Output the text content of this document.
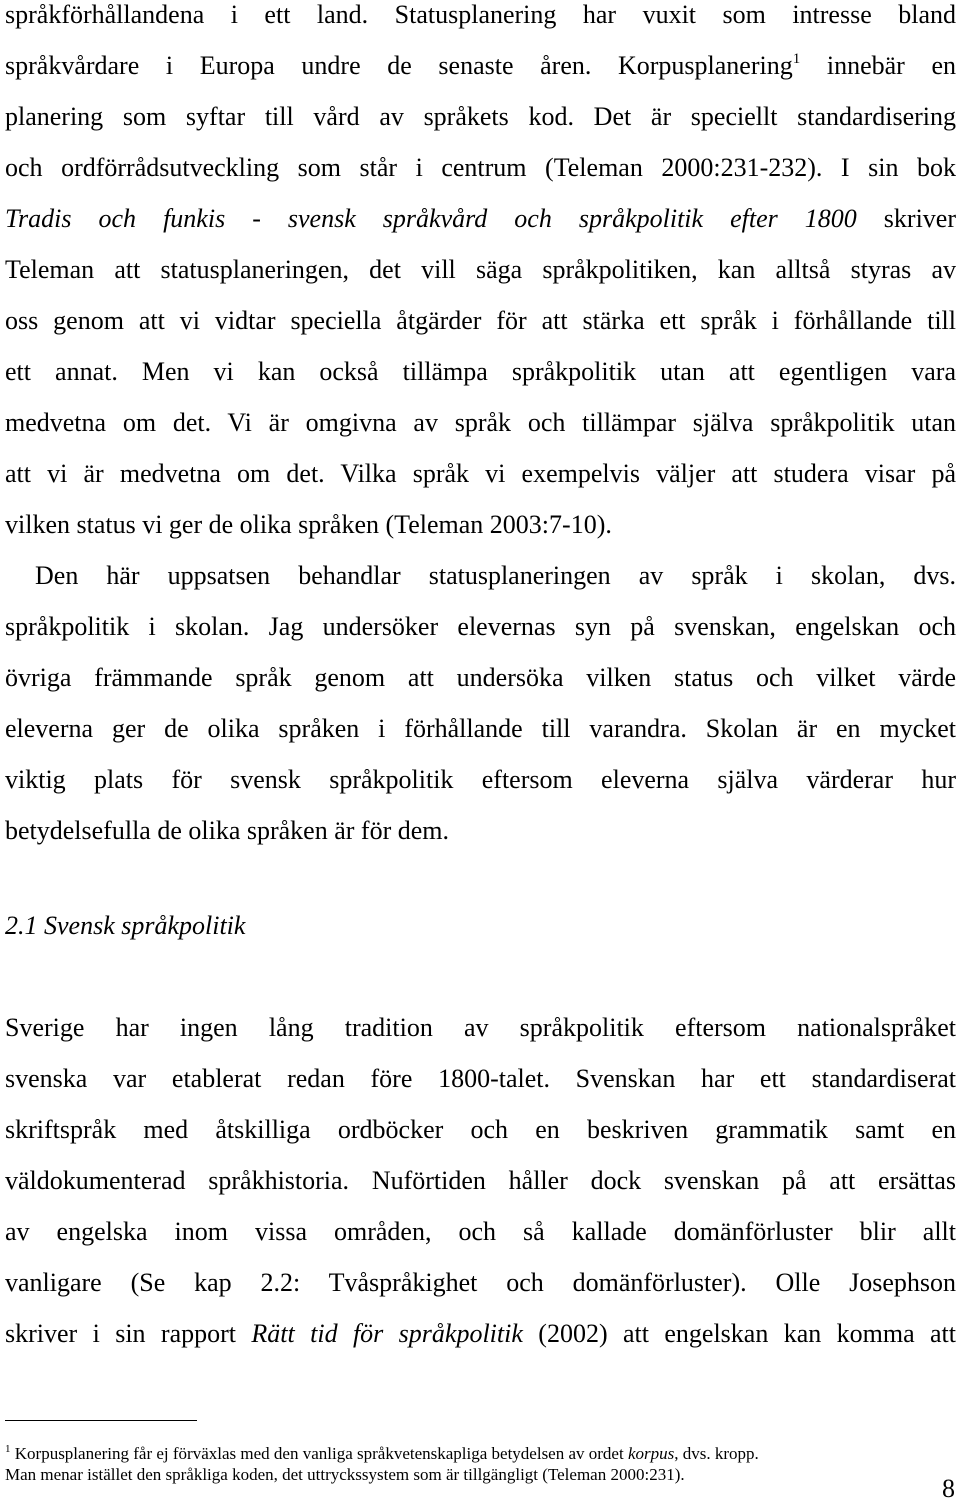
språkförhållandena i ett land. Statusplanering har vuxit som intresse bland
språkvårdare i Europa undre de senaste åren. Korpusplanering$^1$ innebär en
planering som syftar till vård av språkets kod. Det är speciellt standardisering
och ordförrådsutveckling som står i centrum (Teleman 2000:231-232). I sin bok
Tradis och funkis - svensk språkvård och språkpolitik efter 1800 skriver
Teleman att statusplaneringen, det vill säga språkpolitiken, kan alltså styras av
oss genom att vi vidtar speciella åtgärder för att stärka ett språk i förhållande till
ett annat. Men vi kan också tillämpa språkpolitik utan att egentligen vara
medvetna om det. Vi är omgivna av språk och tillämpar själva språkpolitik utan
att vi är medvetna om det. Vilka språk vi exempelvis väljer att studera visar på
vilken status vi ger de olika språken (Teleman 2003:7-10).
Den här uppsatsen behandlar statusplaneringen av språk i skolan, dvs.
språkpolitik i skolan. Jag undersöker elevernas syn på svenskan, engelskan och
övriga främmande språk genom att undersöka vilken status och vilket värde
eleverna ger de olika språken i förhållande till varandra. Skolan är en mycket
viktig plats för svensk språkpolitik eftersom eleverna själva värderar hur
betydelsefulla de olika språken är för dem.
2.1 Svensk språkpolitik
Sverige har ingen lång tradition av språkpolitik eftersom nationalspråket
svenska var etablerat redan före 1800-talet. Svenskan har ett standardiserat
skriftspråk med åtskilliga ordböcker och en beskriven grammatik samt en
väldokumenterad språkhistoria. Nuförtiden håller dock svenskan på att ersättas
av engelska inom vissa områden, och så kallade domänförluster blir allt
vanligare (Se kap 2.2: Tvåspråkighet och domänförluster). Olle Josephson
skriver i sin rapport Rätt tid för språkpolitik (2002) att engelskan kan komma att
$^1$ Korpusplanering får ej förväxlas med den vanliga språkvetenskapliga betydelsen av ordet korpus, dvs. kropp.
Man menar istället den språkliga koden, det uttryckssystem som är tillgängligt (Teleman 2000:231).	8
